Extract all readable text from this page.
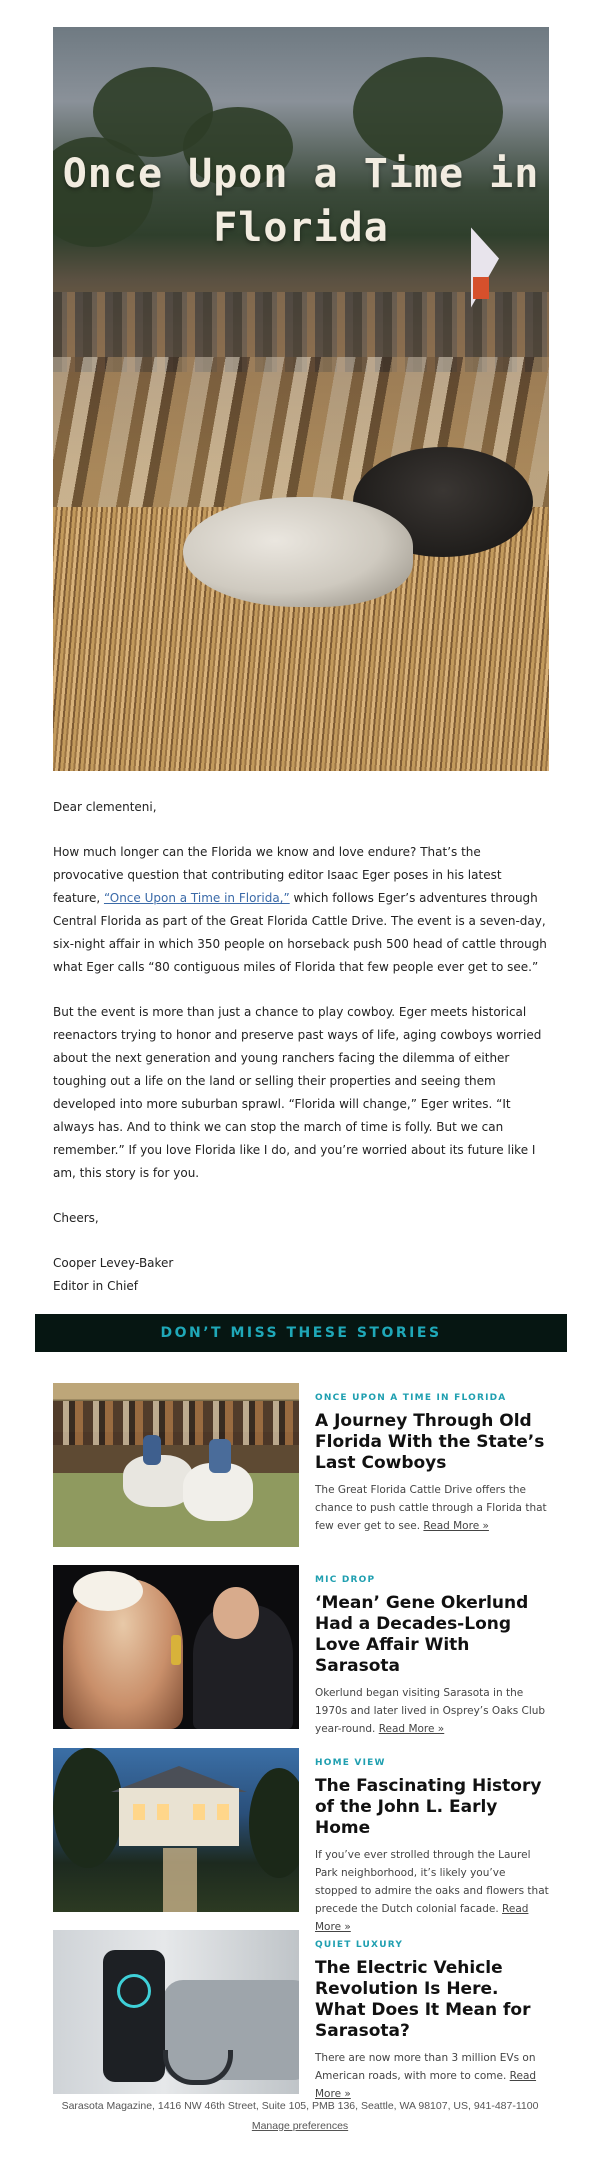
Once Upon a Time in Florida

Dear clementeni,

How much longer can the Florida we know and love endure? That’s the provocative question that contributing editor Isaac Eger poses in his latest feature, “Once Upon a Time in Florida,” which follows Eger’s adventures through Central Florida as part of the Great Florida Cattle Drive. The event is a seven-day, six-night affair in which 350 people on horseback push 500 head of cattle through what Eger calls “80 contiguous miles of Florida that few people ever get to see.”

But the event is more than just a chance to play cowboy. Eger meets historical reenactors trying to honor and preserve past ways of life, aging cowboys worried about the next generation and young ranchers facing the dilemma of either toughing out a life on the land or selling their properties and seeing them developed into more suburban sprawl. “Florida will change,” Eger writes. “It always has. And to think we can stop the march of time is folly. But we can remember.” If you love Florida like I do, and you’re worried about its future like I am, this story is for you.

Cheers,

Cooper Levey-Baker
Editor in Chief

DON’T MISS THESE STORIES

ONCE UPON A TIME IN FLORIDA

A Journey Through Old Florida With the State’s Last Cowboys

The Great Florida Cattle Drive offers the chance to push cattle through a Florida that few ever get to see. Read More »

MIC DROP

‘Mean’ Gene Okerlund Had a Decades-Long Love Affair With Sarasota

Okerlund began visiting Sarasota in the 1970s and later lived in Osprey’s Oaks Club year-round. Read More »

HOME VIEW

The Fascinating History of the John L. Early Home

If you’ve ever strolled through the Laurel Park neighborhood, it’s likely you’ve stopped to admire the oaks and flowers that precede the Dutch colonial facade. Read More »

QUIET LUXURY

The Electric Vehicle Revolution Is Here. What Does It Mean for Sarasota?

There are now more than 3 million EVs on American roads, with more to come. Read More »

Sarasota Magazine, 1416 NW 46th Street, Suite 105, PMB 136, Seattle, WA 98107, US, 941-487-1100
Manage preferences
